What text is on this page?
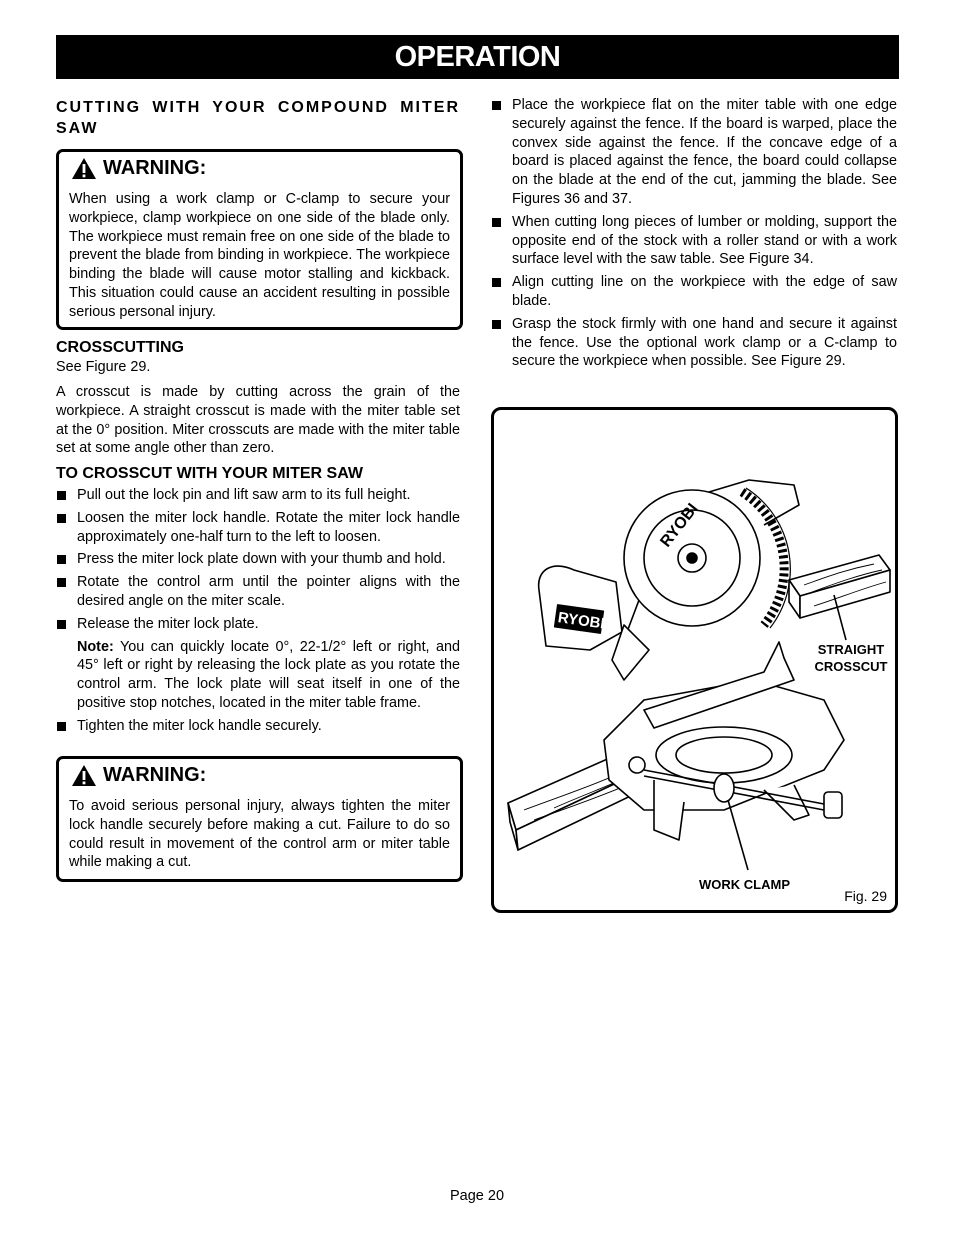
OPERATION
CUTTING WITH YOUR COMPOUND MITER SAW
WARNING:
When using a work clamp or C-clamp to secure your workpiece, clamp workpiece on one side of the blade only. The workpiece must remain free on one side of the blade to prevent the blade from binding in workpiece. The workpiece binding the blade will cause motor stalling and kickback. This situation could cause an accident resulting in possible serious personal injury.
CROSSCUTTING
See Figure 29.
A crosscut is made by cutting across the grain of the workpiece. A straight crosscut is made with the miter table set at the 0° position. Miter crosscuts are made with the miter table set at some angle other than zero.
TO CROSSCUT WITH YOUR MITER SAW
Pull out the lock pin and lift saw arm to its full height.
Loosen the miter lock handle. Rotate the miter lock handle approximately one-half turn to the left to loosen.
Press the miter lock plate down with your thumb and hold.
Rotate the control arm until the pointer aligns with the desired angle on the miter scale.
Release the miter lock plate.
Note: You can quickly locate 0°, 22-1/2° left or right, and 45° left or right by releasing the lock plate as you rotate the control arm. The lock plate will seat itself in one of the positive stop notches, located in the miter table frame.
Tighten the miter lock handle securely.
WARNING:
To avoid serious personal injury, always tighten the miter lock handle securely before making a cut. Failure to do so could result in movement of the control arm or miter table while making a cut.
Place the workpiece flat on the miter table with one edge securely against the fence. If the board is warped, place the convex side against the fence. If the concave edge of a board is placed against the fence, the board could collapse on the blade at the end of the cut, jamming the blade. See Figures 36 and 37.
When cutting long pieces of lumber or molding, support the opposite end of the stock with a roller stand or with a work surface level with the saw table. See Figure 34.
Align cutting line on the workpiece with the edge of saw blade.
Grasp the stock firmly with one hand and secure it against the fence. Use the optional work clamp or a C-clamp to secure the workpiece when possible. See Figure 29.
RYOBI
RYOBI
STRAIGHT
CROSSCUT
WORK CLAMP
Fig. 29
Page 20
